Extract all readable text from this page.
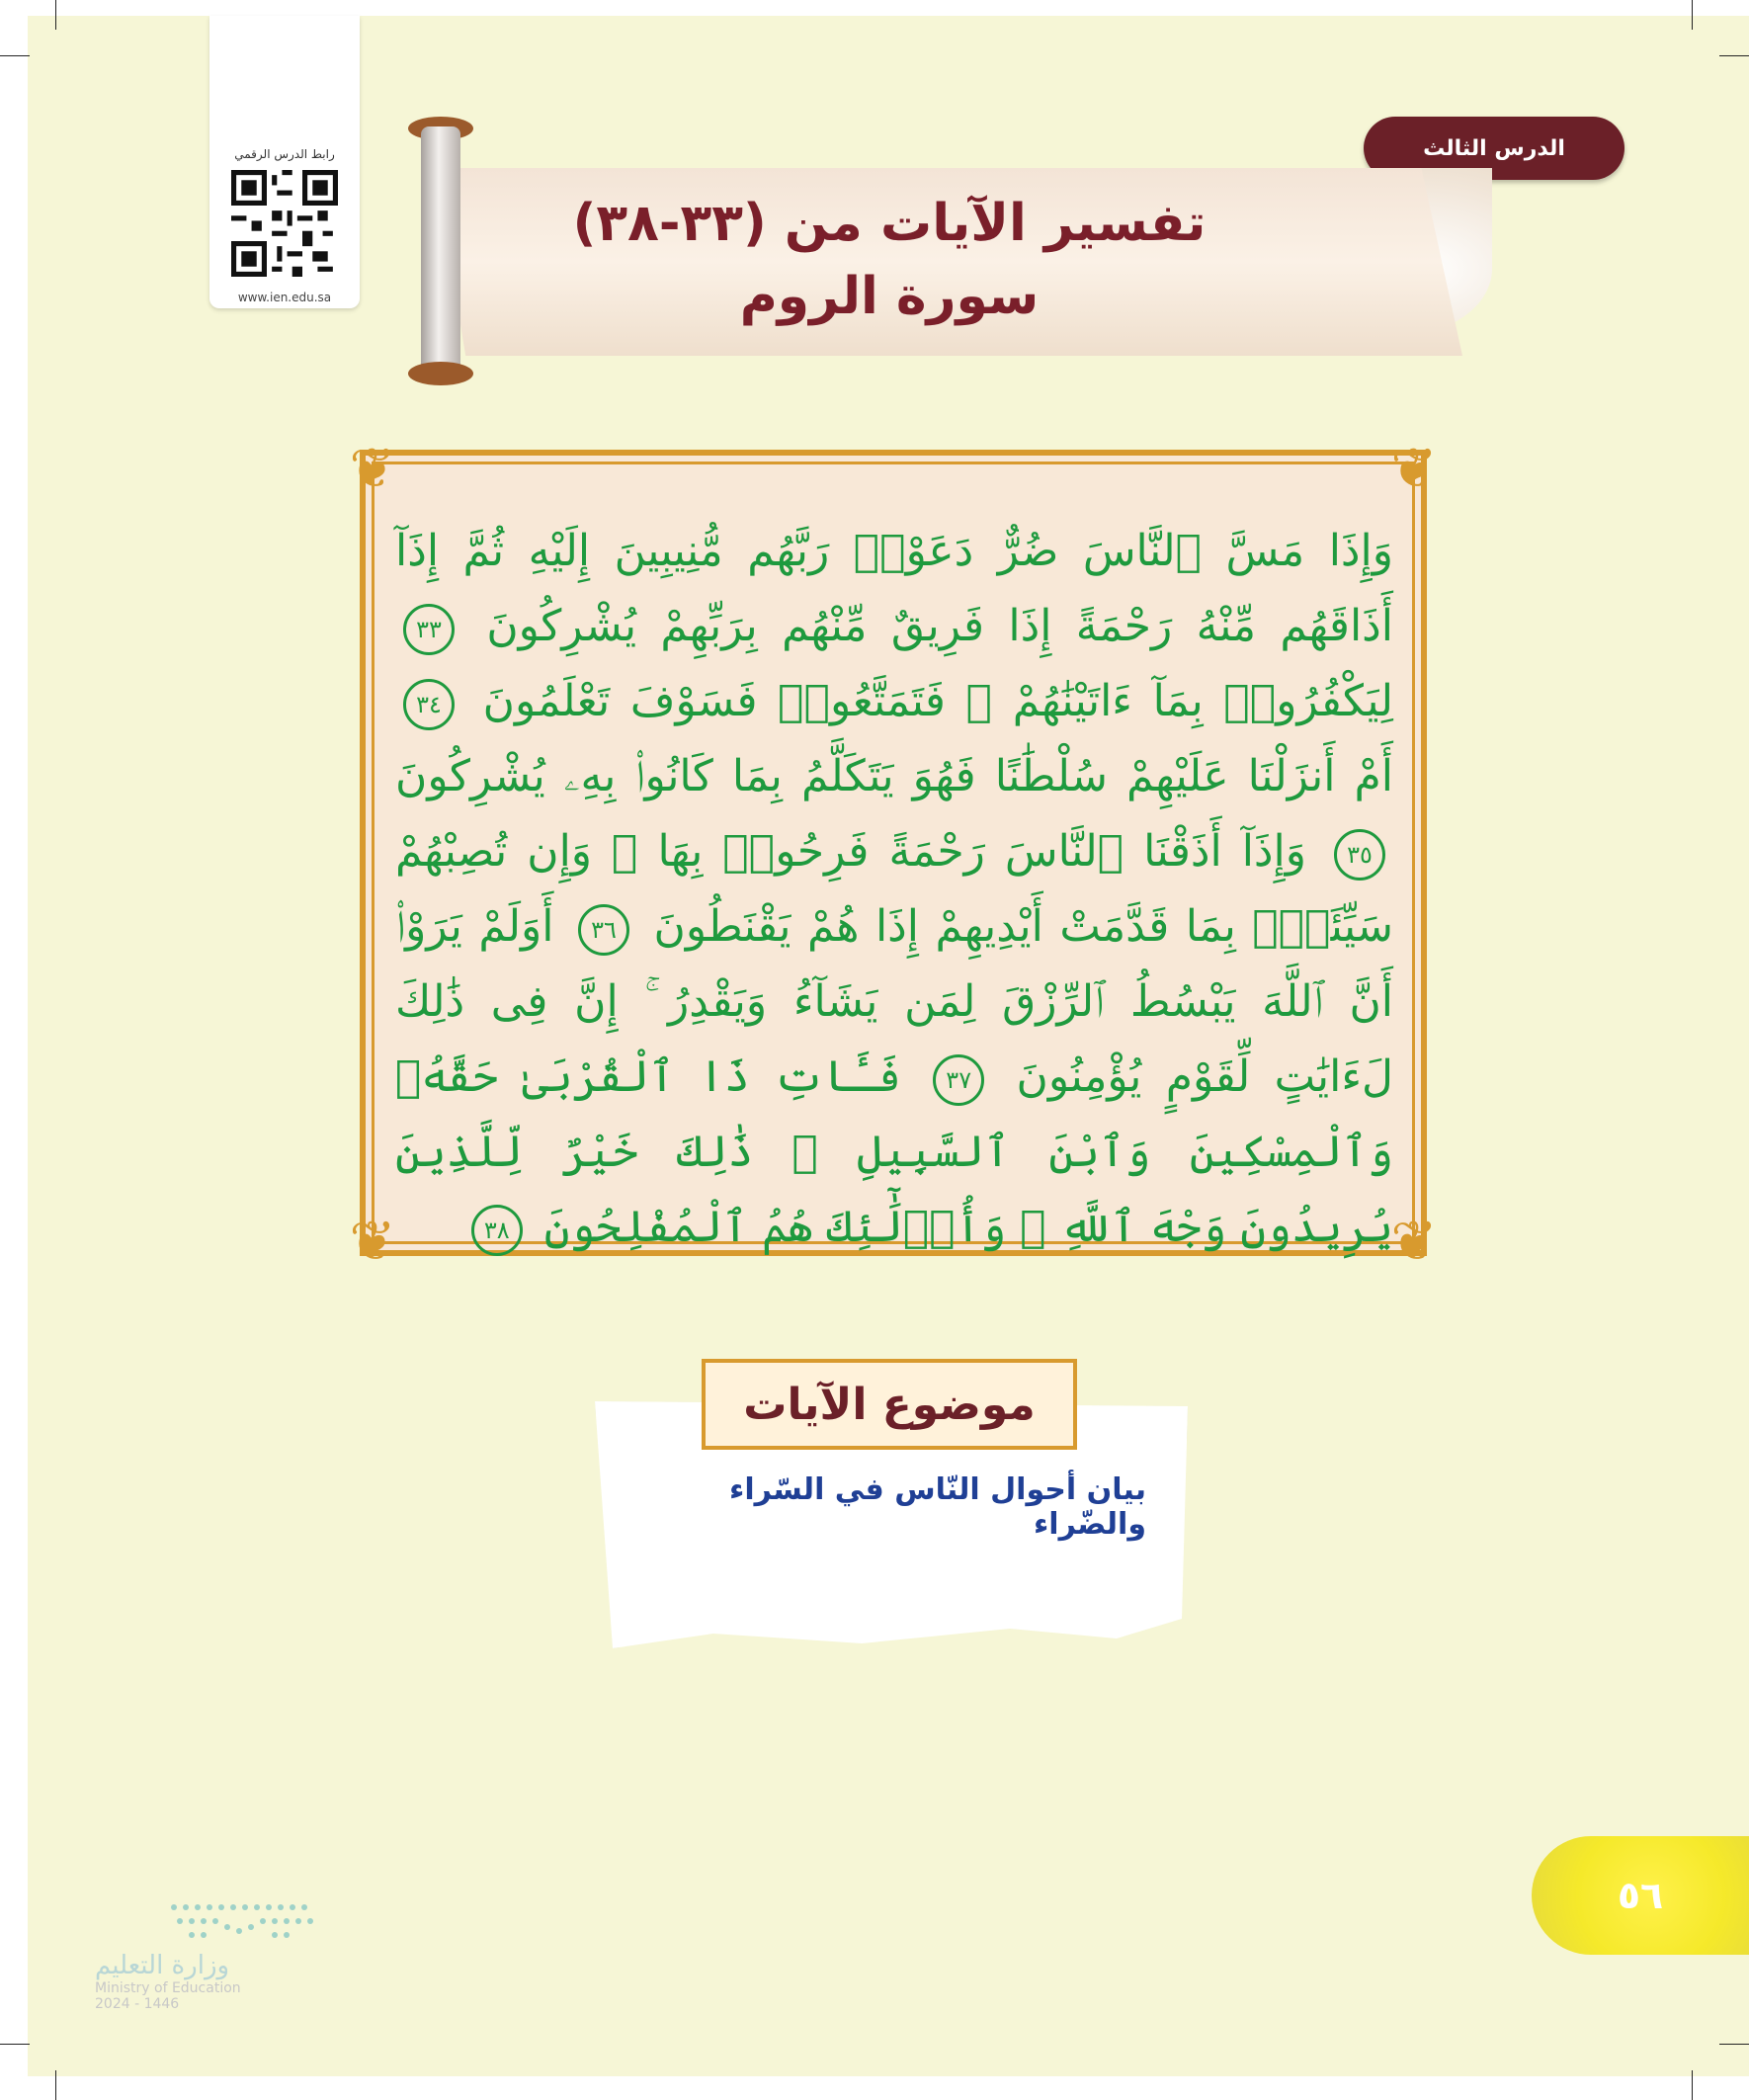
رابط الدرس الرقمي
www.ien.edu.sa
الدرس الثالث
تفسير الآيات من (٣٣-٣٨)
سورة الروم
❦	❦
❦	❦
وَإِذَا مَسَّ ٱلنَّاسَ ضُرٌّ دَعَوْا۟ رَبَّهُم مُّنِيبِينَ إِلَيْهِ ثُمَّ إِذَآ أَذَاقَهُم مِّنْهُ رَحْمَةً إِذَا فَرِيقٌ مِّنْهُم بِرَبِّهِمْ يُشْرِكُونَ ٣٣ لِيَكْفُرُوا۟ بِمَآ ءَاتَيْنَٰهُمْ ۚ فَتَمَتَّعُوا۟ فَسَوْفَ تَعْلَمُونَ ٣٤ أَمْ أَنزَلْنَا عَلَيْهِمْ سُلْطَٰنًا فَهُوَ يَتَكَلَّمُ بِمَا كَانُوا۟ بِهِۦ يُشْرِكُونَ ٣٥ وَإِذَآ أَذَقْنَا ٱلنَّاسَ رَحْمَةً فَرِحُوا۟ بِهَا ۖ وَإِن تُصِبْهُمْ سَيِّئَةٌۢ بِمَا قَدَّمَتْ أَيْدِيهِمْ إِذَا هُمْ يَقْنَطُونَ ٣٦ أَوَلَمْ يَرَوْا۟ أَنَّ ٱللَّهَ يَبْسُطُ ٱلرِّزْقَ لِمَن يَشَآءُ وَيَقْدِرُ ۚ إِنَّ فِى ذَٰلِكَ لَءَايَٰتٍ لِّقَوْمٍ يُؤْمِنُونَ ٣٧ فَـَٔاتِ ذَا ٱلْقُرْبَىٰ حَقَّهُۥ وَٱلْمِسْكِينَ وَٱبْنَ ٱلسَّبِيلِ ۚ ذَٰلِكَ خَيْرٌ لِّلَّذِينَ يُرِيدُونَ وَجْهَ ٱللَّهِ ۖ وَأُو۟لَٰٓئِكَ هُمُ ٱلْمُفْلِحُونَ ٣٨
موضوع الآيات
بيان أحوال النّاس في السّراء والضّراء
٥٦
وزارة التعليم
Ministry of Education
2024 - 1446
